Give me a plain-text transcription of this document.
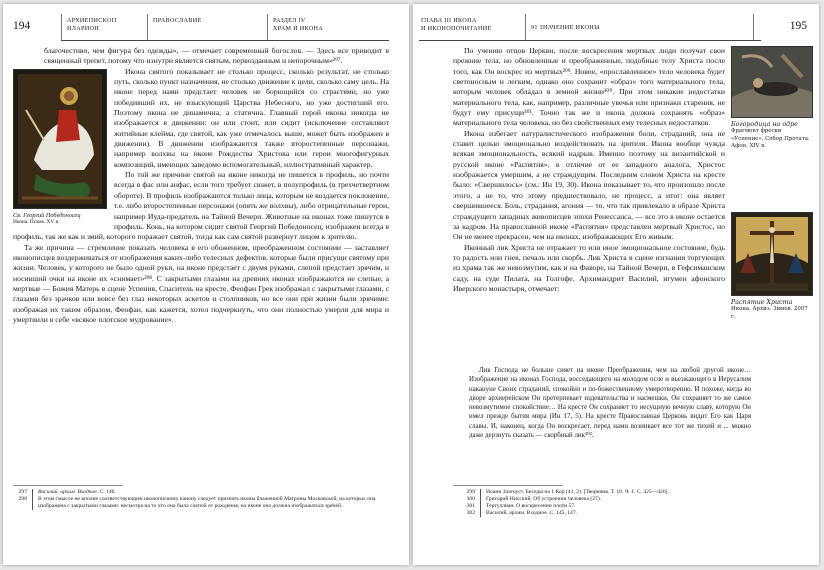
194	АРХИЕПИСКОП
ИЛАРИОН
ПРАВОСЛАВИЕ	РАЗДЕЛ IV
ХРАМ И ИКОНА

благочестиво, чем фигура без одежды», — отмечает современный богослов. — Здесь все приводит в священный трепет, потому что изнутри является святым, первозданным и непорочным»²⁹⁷.

Св. Георгий Победоносец
Икона. Псков. XV в.

Икона святого показывает не столько процесс, сколько результат, не столько путь, сколько пункт назначения, не столько движение к цели, сколько саму цель. На иконе перед нами предстает человек не борющийся со страстями, но уже победивший их, не взыскующий Царства Небесного, но уже достигший его. Поэтому икона не динамична, а статична. Главный герой иконы никогда не изображается в движении: он или стоит, или сидит (исключение составляют житийные клейма, где святой, как уже отмечалось выше, может быть изображен в движении). В движении изображаются также второстепенные персонажи, например волхвы на иконе Рождества Христова или герои многофигурных композиций, имеющих заведомо вспомогательный, иллюстративный характер.

По той же причине святой на иконе никогда не пишется в профиль, но почти всегда в фас или анфас, если того требует сюжет, в полупрофиль (в трехчетвертном обороте). В профиль изображаются только лица, которым не воздается поклонение, т.е. либо второстепенные персонажи (опять же волхвы), либо отрицательные герои, например Иуда-предатель на Тайной Вечери. Животные на иконах тоже пишутся в профиль. Конь, на котором сидит святой Георгий Победоносец, изображен всегда в профиль, так же как и змий, которого поражает святой, тогда как сам святой развернут лицом к зрителю.

Та же причина — стремление показать человека в его обоженном, преображенном состоянии — заставляет иконописцев воздерживаться от изображения каких-либо телесных дефектов, которые были присущи святому при жизни. Человек, у которого не было одной руки, на иконе предстает с двумя руками, слепой предстает зрячим, и носивший очки на иконе их «снимает»²⁹⁸. С закрытыми глазами на древних иконах изображаются не слепые, а мертвые — Божия Матерь в сцене Успения, Спаситель на кресте. Феофан Грек изображал с закрытыми глазами, с глазами без зрачков или вовсе без глаз некоторых аскетов и столпников, но все они при жизни были зрячими: изображая их таким образом, Феофан, как кажется, хотел подчеркнуть, что они полностью умерли для мира и умертвили в себе «всякое плотское мудрование».

297	Василий, архим. Входное. С. 146.
298	В этом смысле не вполне соответствующим иконописному канону следует признать иконы блаженной Матроны Московской, на которых она изображена с закрытыми глазами: несмотря на то что она была слепой от рождения, на иконе она должна изображаться зрячей.
ГЛАВА III ИКОНА
И ИКОНОПОЧИТАНИЕ	91 ЗНАЧЕНИЕ ИКОНЫ	195

По учению отцов Церкви, после воскресения мертвых люди получат свои прежние тела, но обновленные и преображенные, подобные телу Христа после того, как Он воскрес из мертвых²⁹⁹. Новое, «прославленное» тело человека будет светоносным и легким, однако оно сохранит «образ» того материального тела, которым человек обладал в земной жизни³⁰⁰. При этом никакие недостатки материального тела, как, например, различные увечья или признаки старения, не будут ему присущи³⁰¹. Точно так же и икона должна сохранять «образ» материального тела человека, но без свойственных ему телесных недостатков.

Икона избегает натуралистического изображения боли, страданий, она не ставит целью эмоционально воздействовать на зрителя. Икона вообще чужда всякая эмоциональность, всякий надрыв. Именно поэтому на византийской и русской иконе «Распятия», в отличие от ее западного аналога, Христос изображается умершим, а не страждущим. Последним словом Христа на кресте было: «Свершилось» (см.: Ин 19, 30). Икона показывает то, что произошло после этого, а не то, что этому предшествовало, не процесс, а итог: она являет свершившееся. Боль, страдания, агония — то, что так привлекало в образе Христа страждущего западных живописцев эпохи Ренессанса, — все это в иконе остается за кадром. На православной иконе «Распятия» представлен мертвый Христос, но Он не менее прекрасен, чем на иконах, изображающих Его живым.

Иконный лик Христа не отражает то или иное эмоциональное состояние, будь то радость или гнев, печаль или скорбь. Лик Христа в сцене изгнания торгующих из храма так же невозмутим, как и на Фаворе, на Тайной Вечери, в Гефсиманском саду, на суде Пилата, на Голгофе. Архимандрит Василий, игумен афонского Иверского монастыря, отмечает:

Богородица на одре
Фрагмент фрески «Успение». Собор Протата. Афон. XIV в.
Распятие Христа
Икона. Архиз. Зимов. 2007 г.

Лик Господа не больше сияет на иконе Преображения, чем на любой другой иконе… Изображение на иконах Господа, восседающего на молодом осле и въезжающего в Иерусалим накануне Своих страданий, спокойно и по-божественному умиротворенно. И похоже, когда во дворе архиерейском Он претерпевает издевательства и насмешки, Он сохраняет то же самое невозмутимое спокойствие… На кресте Он сохраняет то несущную вечную славу, которую Он имел прежде бытия мира (Ин 17, 5). На кресте Православная Церковь видит Его как Царя славы. И, наконец, когда Он воскресает, перед нами возникает все тот же тихий и ... можно даже дерзнуть сказать — скорбный лик³⁰².

299	Иоанн Златоуст. Беседы на 1 Кор (41, 2). [Творения. Т. 10. Ч. 1. С. 425—426].
300	Григорий Нисский. Об устроении человека (27).
301	Тертуллиан. О воскресении плоти 57.
302	Василий, архим. Входное. С. 145, 147.
